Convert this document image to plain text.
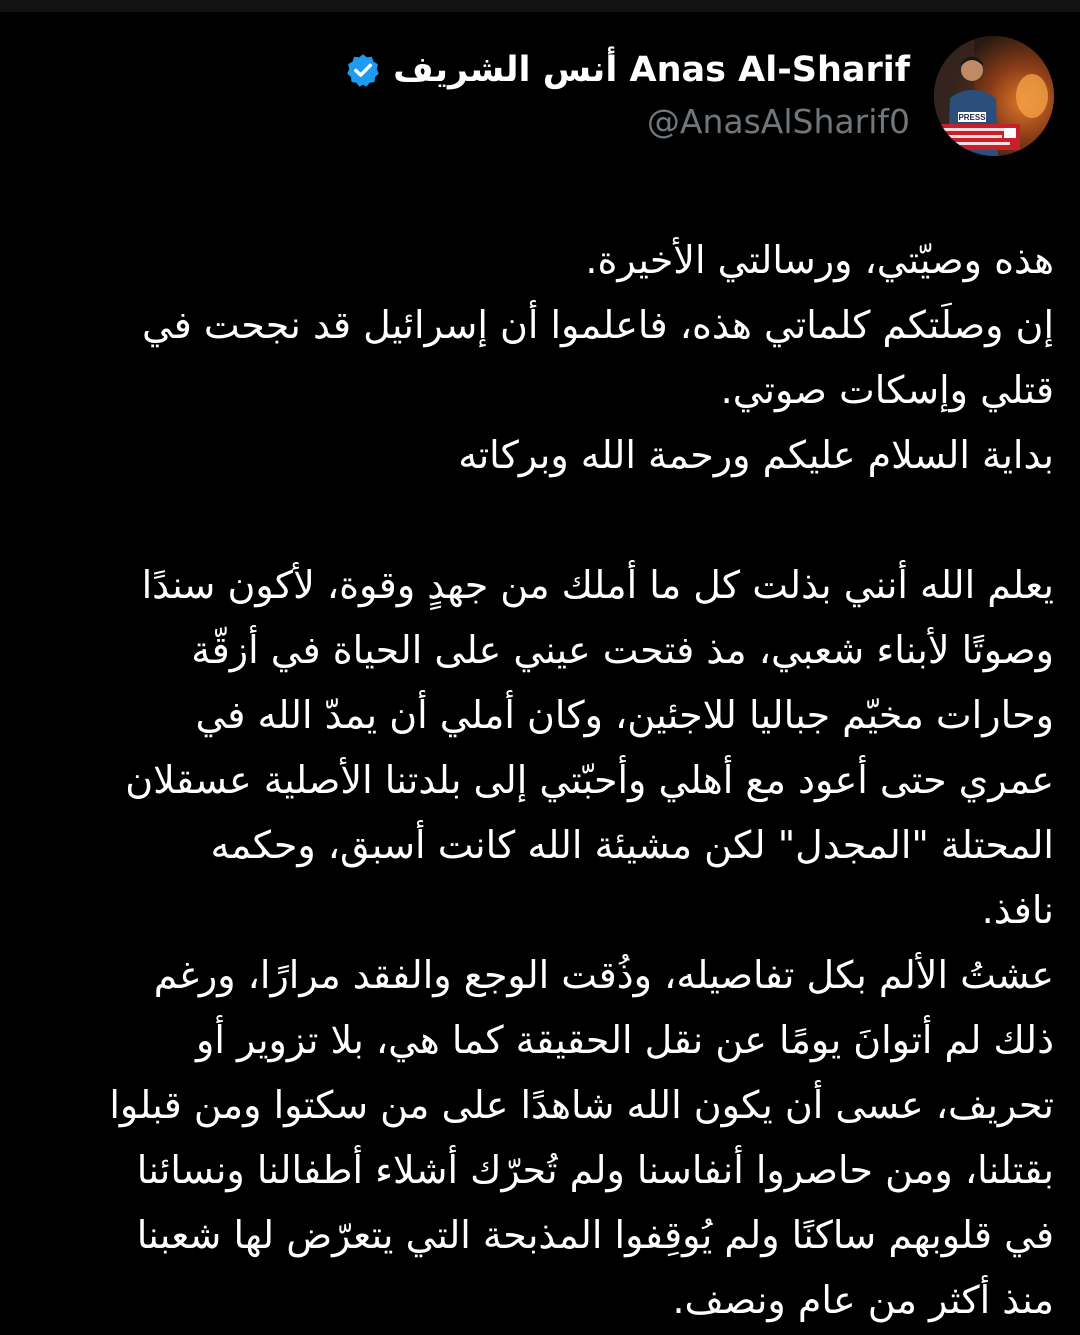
PRESS
أنس الشريف Anas Al-Sharif
@AnasAlSharif0
هذه وصيّتي، ورسالتي الأخيرة.
إن وصلَتكم كلماتي هذه، فاعلموا أن إسرائيل قد نجحت في
قتلي وإسكات صوتي.
بداية السلام عليكم ورحمة الله وبركاته
يعلم الله أنني بذلت كل ما أملك من جهدٍ وقوة، لأكون سندًا
وصوتًا لأبناء شعبي، مذ فتحت عيني على الحياة في أزقّة
وحارات مخيّم جباليا للاجئين، وكان أملي أن يمدّ الله في
عمري حتى أعود مع أهلي وأحبّتي إلى بلدتنا الأصلية عسقلان
المحتلة "المجدل" لكن مشيئة الله كانت أسبق، وحكمه
نافذ.
عشتُ الألم بكل تفاصيله، وذُقت الوجع والفقد مرارًا، ورغم
ذلك لم أتوانَ يومًا عن نقل الحقيقة كما هي، بلا تزوير أو
تحريف، عسى أن يكون الله شاهدًا على من سكتوا ومن قبلوا
بقتلنا، ومن حاصروا أنفاسنا ولم تُحرّك أشلاء أطفالنا ونسائنا
في قلوبهم ساكنًا ولم يُوقِفوا المذبحة التي يتعرّض لها شعبنا
منذ أكثر من عام ونصف.
